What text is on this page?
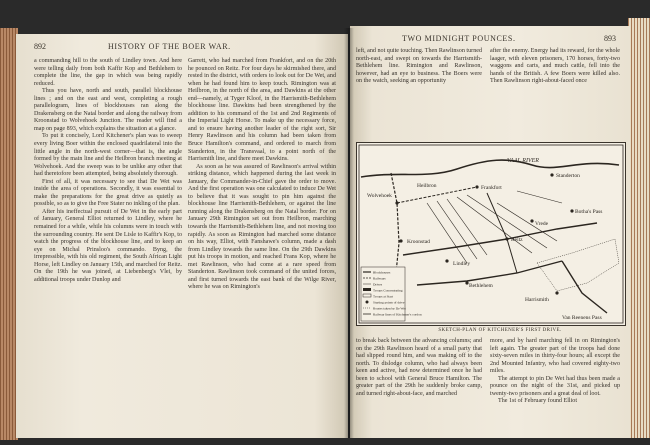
892	HISTORY OF THE BOER WAR.

a commanding hill to the south of Lindley town. And here were telling daily from both Kaffir Kop and Bethlehem to complete the line, the gap in which was being rapidly reduced.

Thus you have, north and south, parallel blockhouse lines ; and on the east and west, completing a rough parallelogram, lines of blockhouses ran along the Drakensberg on the Natal border and along the railway from Kroonstad to Wolvehoek Junction. The reader will find a map on page 893, which explains the situation at a glance.

To put it concisely, Lord Kitchener's plan was to sweep every living Boer within the enclosed quadrilateral into the little angle in the north-west corner—that is, the angle formed by the main line and the Heilbron branch meeting at Wolvehoek. And the sweep was to be unlike any other that had theretofore been attempted, being absolutely thorough.

First of all, it was necessary to see that De Wet was inside the area of operations. Secondly, it was essential to make the preparations for the great drive as quietly as possible, so as to give the Free Stater no inkling of the plan.

After his ineffectual pursuit of De Wet in the early part of January, General Elliot returned to Lindley, where he remained for a while, while his columns were in touch with the surrounding country. He sent De Lisle to Kaffir's Kop, to watch the progress of the blockhouse line, and to keep an eye on Michal Prinsloo's commando. Byng, the irrepressible, with his old regiment, the South African Light Horse, left Lindley on January 15th, and marched for Reitz. On the 19th he was joined, at Liebenberg's Vlei, by additional troops under Dunlop and

Garrett, who had marched from Frankfort, and on the 20th he pounced on Reitz. For four days he skirmished there, and rested in the district, with orders to look out for De Wet, and when he had found him to keep touch. Rimington was at Heilbron, in the north of the area, and Dawkins at the other end—namely, at Tyger Kloof, in the Harrismith-Bethlehem blockhouse line. Dawkins had been strengthened by the addition to his command of the 1st and 2nd Regiments of the Imperial Light Horse. To make up the necessary force, and to ensure having another leader of the right sort, Sir Henry Rawlinson and his column had been taken from Bruce Hamilton's command, and ordered to march from Standerton, in the Transvaal, to a point north of the Harrismith line, and there meet Dawkins.

As soon as he was assured of Rawlinson's arrival within striking distance, which happened during the last week in January, the Commander-in-Chief gave the order to move. And the first operation was one calculated to induce De Wet to believe that it was sought to pin him against the blockhouse line Harrismith-Bethlehem, or against the line running along the Drakensberg on the Natal border. For on January 29th Rimington set out from Heilbron, marching towards the Harrismith-Bethlehem line, and not moving too rapidly. As soon as Rimington had marched some distance on his way, Elliot, with Fanshawe's column, made a dash from Lindley towards the same line. On the 29th Dawkins put his troops in motion, and reached Frans Kop, where he met Rawlinson, who had come at a rare speed from Standerton. Rawlinson took command of the united forces, and first turned towards the east bank of the Wilge River, where he was on Rimington's

TWO MIDNIGHT POUNCES.	893

left, and not quite touching. Then Rawlinson turned north-east, and swept on towards the Harrismith-Bethlehem line. Rimington and Rawlinson, however, had an eye to business. The Boers were on the watch, seeking an opportunity

after the enemy. Energy had its reward, for the whole laager, with eleven prisoners, 170 horses, forty-two waggons and carts, and much cattle, fell into the hands of the British. A few Boers were killed also. Then Rawlinson right-about-faced once

VAAL RIVER
Wolvehoek
Kroonstad
Heilbron	Frankfort
Standerton
Vrede
Lindley
Reitz
Bethlehem
Harrismith
Botha's Pass
Van Reenens Pass
Blockhouses
Railways
Drives
Troops Concentrating
Troops at Start
Starting points of drive
Routes taken by De Wet
Railway lines of Kitchener's cordon
SKETCH-PLAN OF KITCHENER'S FIRST DRIVE.

to break back between the advancing columns; and on the 29th Rawlinson heard of a small party that had slipped round him, and was making off to the north. To dislodge column, who had always been keen and active, had now determined once he had been to school with General Bruce Hamilton. The greater part of the 29th he suddenly broke camp, and turned right-about-face, and marched

more, and by hard marching fell in on Rimington's left again. The greater part of the troops had done sixty-seven miles in thirty-four hours; all except the 2nd Mounted Infantry, who had covered eighty-two miles.

The attempt to pin De Wet had thus been made a pounce on the night of the 31st, and picked up twenty-two prisoners and a great deal of loot.

The 1st of February found Elliot
